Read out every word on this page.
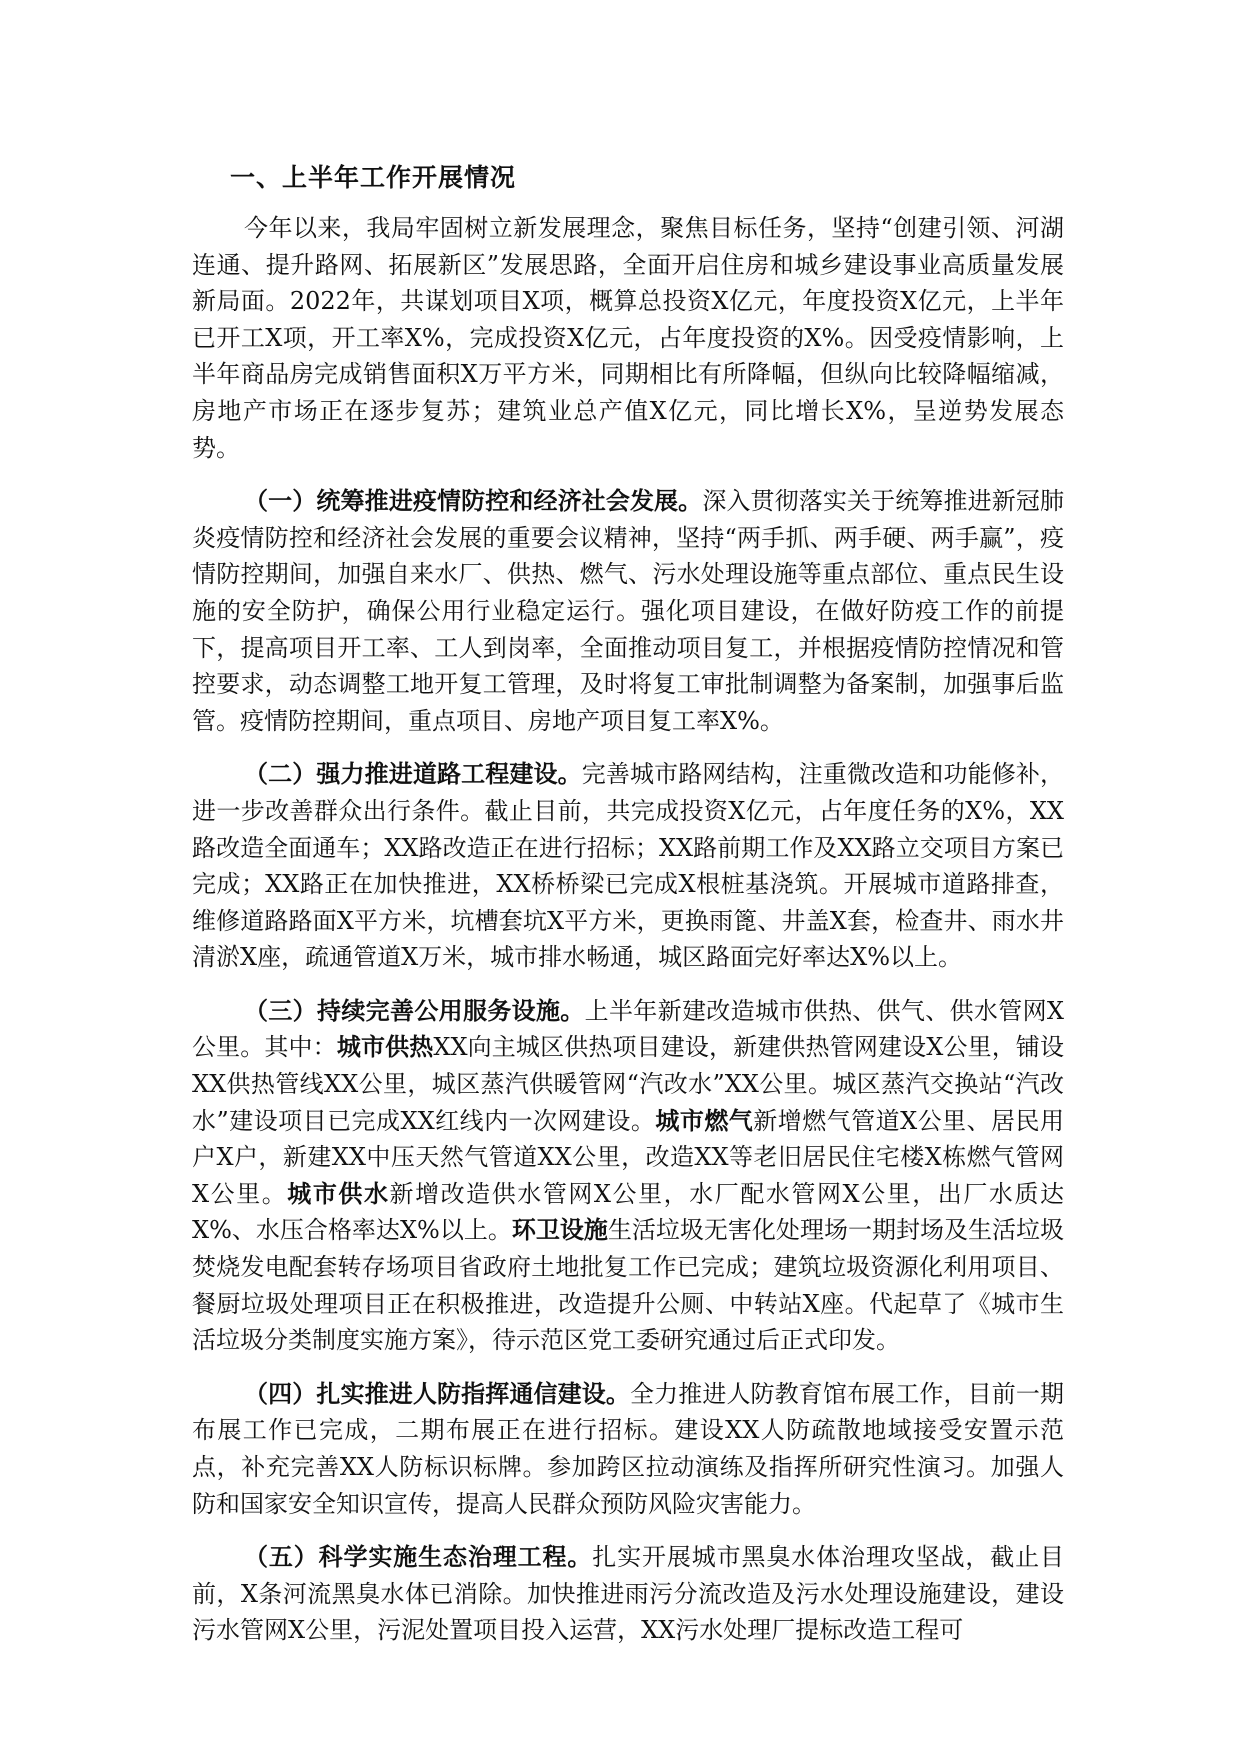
一、上半年工作开展情况

今年以来，我局牢固树立新发展理念，聚焦目标任务，坚持“创建引领、河湖连通、提升路网、拓展新区”发展思路，全面开启住房和城乡建设事业高质量发展新局面。2022年，共谋划项目X项，概算总投资X亿元，年度投资X亿元，上半年已开工X项，开工率X%，完成投资X亿元，占年度投资的X%。因受疫情影响，上半年商品房完成销售面积X万平方米，同期相比有所降幅，但纵向比较降幅缩减，房地产市场正在逐步复苏；建筑业总产值X亿元，同比增长X%，呈逆势发展态势。

（一）统筹推进疫情防控和经济社会发展。深入贯彻落实关于统筹推进新冠肺炎疫情防控和经济社会发展的重要会议精神，坚持“两手抓、两手硬、两手赢”，疫情防控期间，加强自来水厂、供热、燃气、污水处理设施等重点部位、重点民生设施的安全防护，确保公用行业稳定运行。强化项目建设，在做好防疫工作的前提下，提高项目开工率、工人到岗率，全面推动项目复工，并根据疫情防控情况和管控要求，动态调整工地开复工管理，及时将复工审批制调整为备案制，加强事后监管。疫情防控期间，重点项目、房地产项目复工率X%。

（二）强力推进道路工程建设。完善城市路网结构，注重微改造和功能修补，进一步改善群众出行条件。截止目前，共完成投资X亿元，占年度任务的X%，XX路改造全面通车；XX路改造正在进行招标；XX路前期工作及XX路立交项目方案已完成；XX路正在加快推进，XX桥桥梁已完成X根桩基浇筑。开展城市道路排查，维修道路路面X平方米，坑槽套坑X平方米，更换雨篦、井盖X套，检查井、雨水井清淤X座，疏通管道X万米，城市排水畅通，城区路面完好率达X%以上。

（三）持续完善公用服务设施。上半年新建改造城市供热、供气、供水管网X公里。其中：城市供热XX向主城区供热项目建设，新建供热管网建设X公里，铺设XX供热管线XX公里，城区蒸汽供暖管网“汽改水”XX公里。城区蒸汽交换站“汽改水”建设项目已完成XX红线内一次网建设。城市燃气新增燃气管道X公里、居民用户X户，新建XX中压天然气管道XX公里，改造XX等老旧居民住宅楼X栋燃气管网X公里。城市供水新增改造供水管网X公里，水厂配水管网X公里，出厂水质达X%、水压合格率达X%以上。环卫设施生活垃圾无害化处理场一期封场及生活垃圾焚烧发电配套转存场项目省政府土地批复工作已完成；建筑垃圾资源化利用项目、餐厨垃圾处理项目正在积极推进，改造提升公厕、中转站X座。代起草了《城市生活垃圾分类制度实施方案》，待示范区党工委研究通过后正式印发。

（四）扎实推进人防指挥通信建设。全力推进人防教育馆布展工作，目前一期布展工作已完成，二期布展正在进行招标。建设XX人防疏散地域接受安置示范点，补充完善XX人防标识标牌。参加跨区拉动演练及指挥所研究性演习。加强人防和国家安全知识宣传，提高人民群众预防风险灾害能力。

（五）科学实施生态治理工程。扎实开展城市黑臭水体治理攻坚战，截止目前，X条河流黑臭水体已消除。加快推进雨污分流改造及污水处理设施建设，建设污水管网X公里，污泥处置项目投入运营，XX污水处理厂提标改造工程可
